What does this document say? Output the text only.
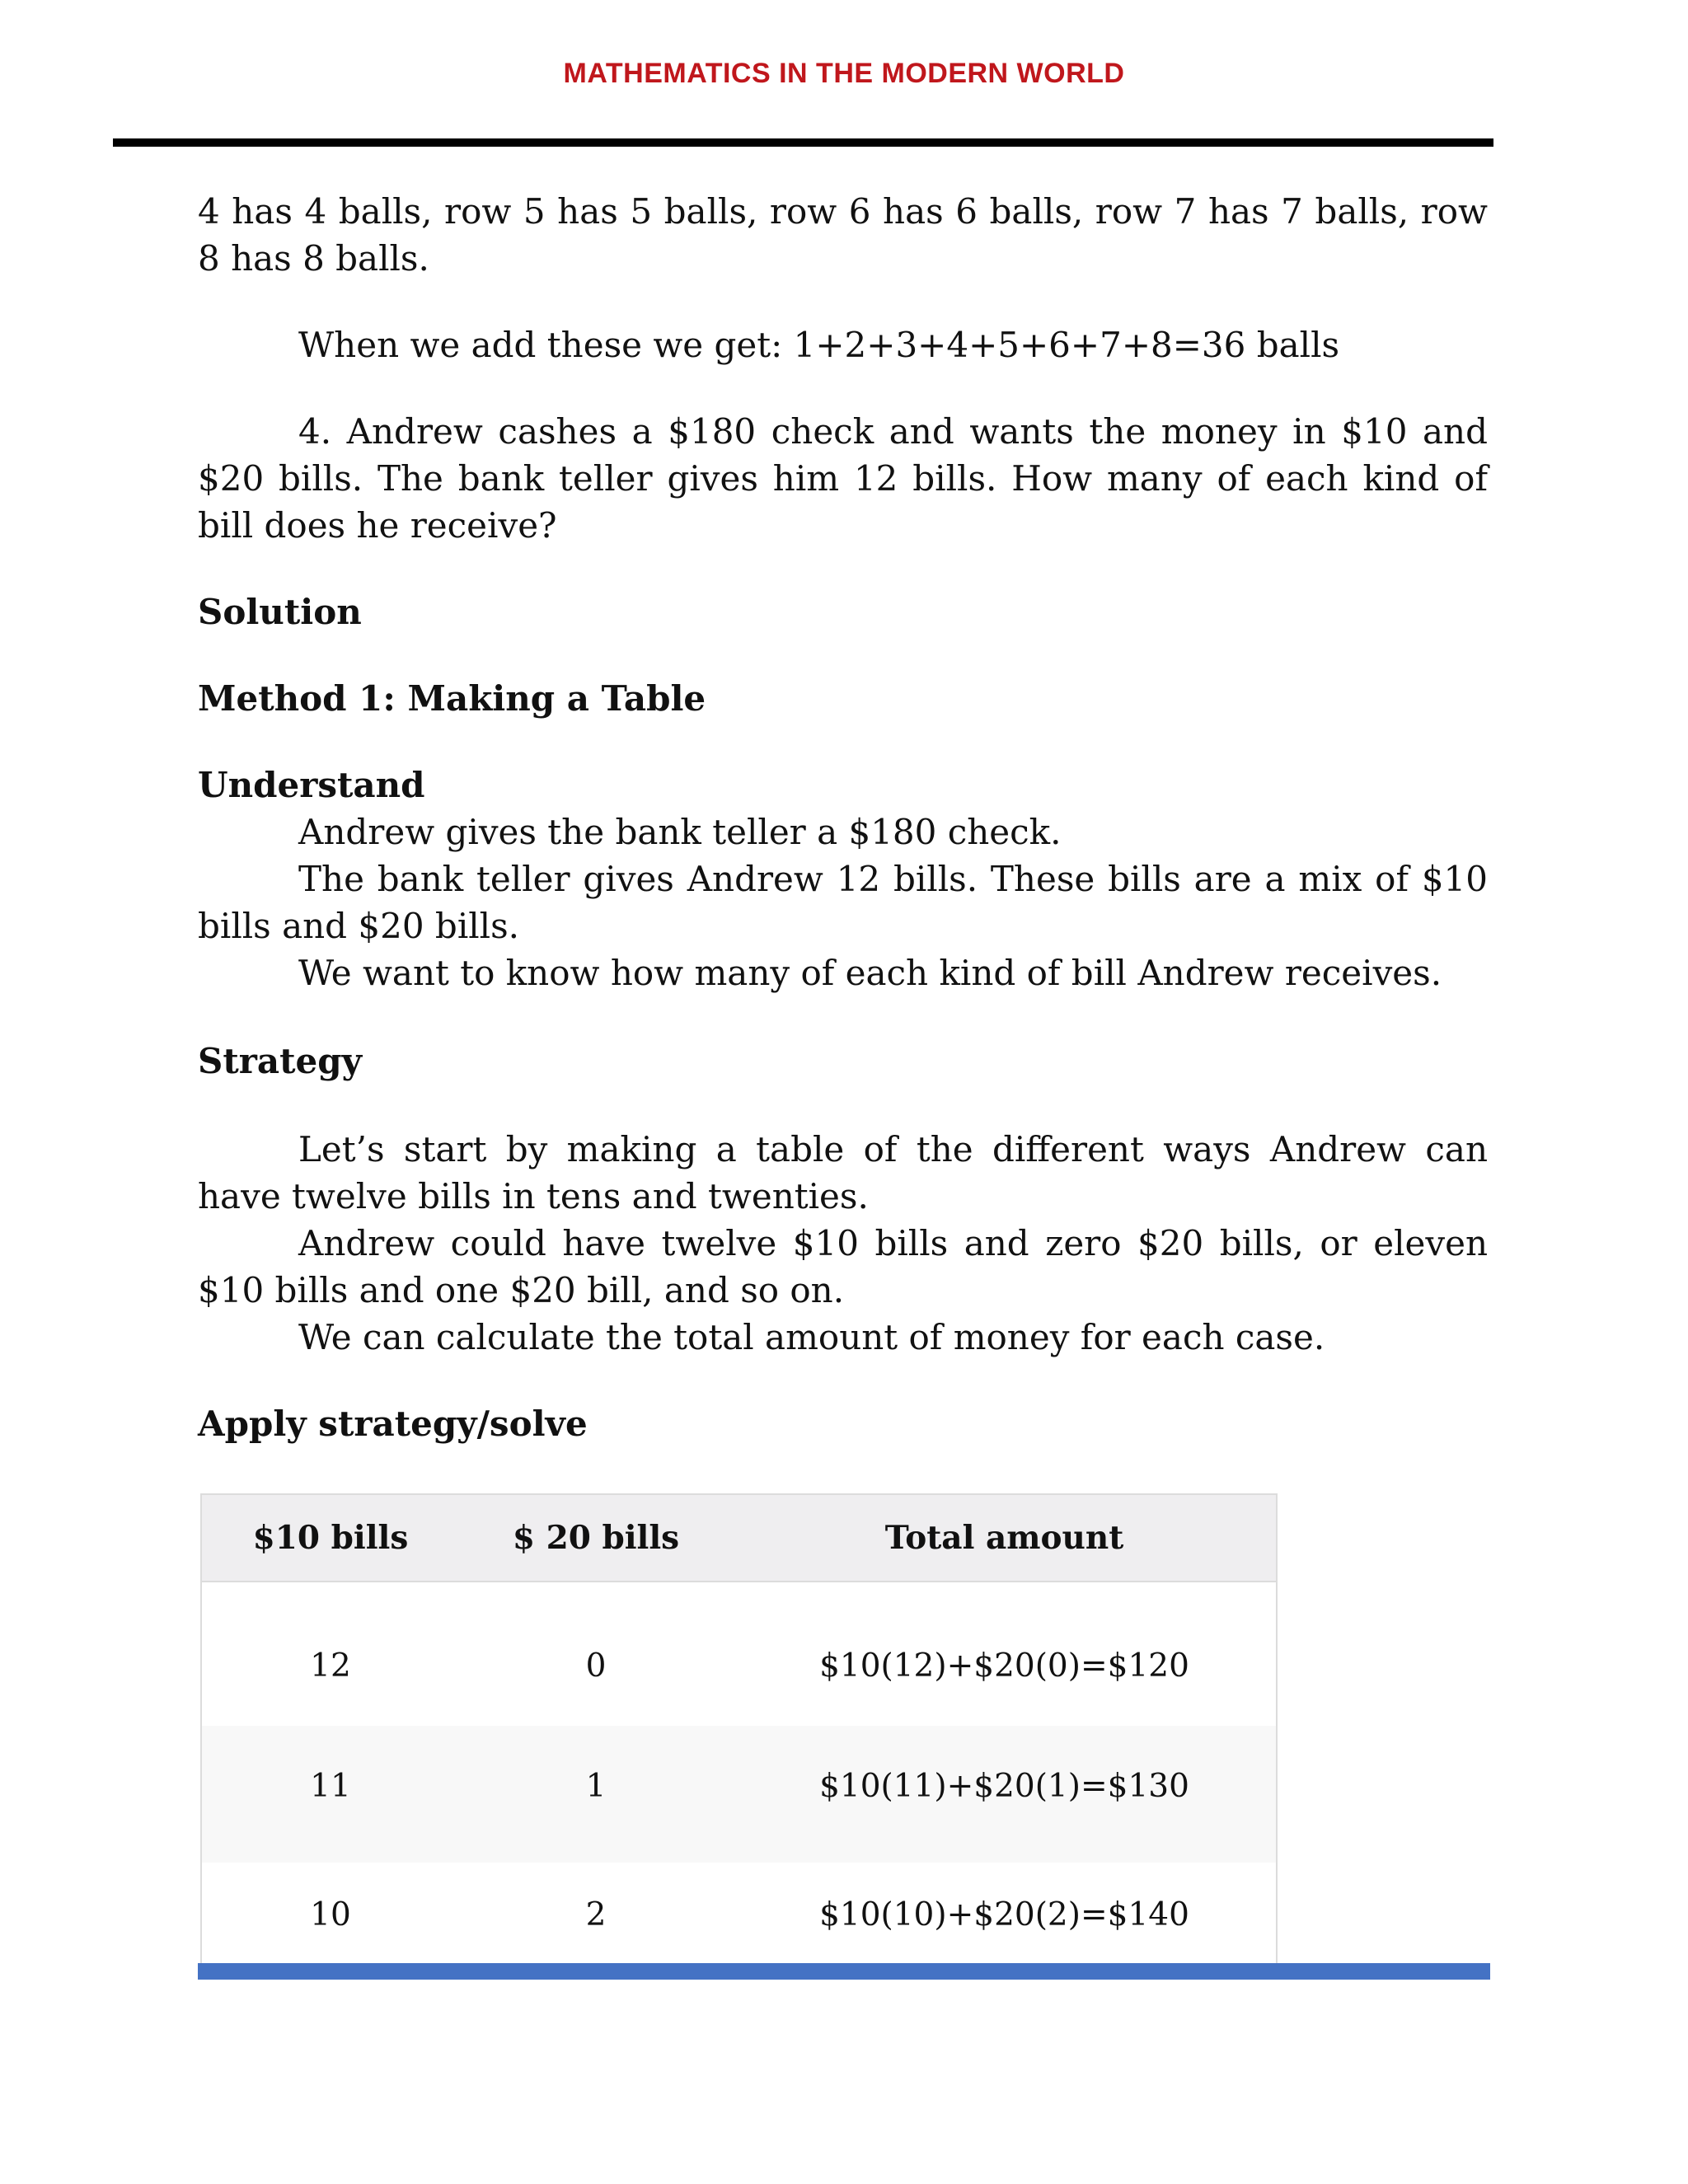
MATHEMATICS IN THE MODERN WORLD

4 has 4 balls, row 5 has 5 balls, row 6 has 6 balls, row 7 has 7 balls, row 8 has 8 balls.

When we add these we get: 1+2+3+4+5+6+7+8=36 balls

4. Andrew cashes a $180 check and wants the money in $10 and $20 bills. The bank teller gives him 12 bills. How many of each kind of bill does he receive?

Solution

Method 1: Making a Table

Understand

Andrew gives the bank teller a $180 check.

The bank teller gives Andrew 12 bills. These bills are a mix of $10 bills and $20 bills.

We want to know how many of each kind of bill Andrew receives.

Strategy

Let’s start by making a table of the different ways Andrew can have twelve bills in tens and twenties.

Andrew could have twelve $10 bills and zero $20 bills, or eleven $10 bills and one $20 bill, and so on.

We can calculate the total amount of money for each case.

Apply strategy/solve

$10 bills	$ 20 bills	Total amount
12	0	$10(12)+$20(0)=$120
11	1	$10(11)+$20(1)=$130
10	2	$10(10)+$20(2)=$140
